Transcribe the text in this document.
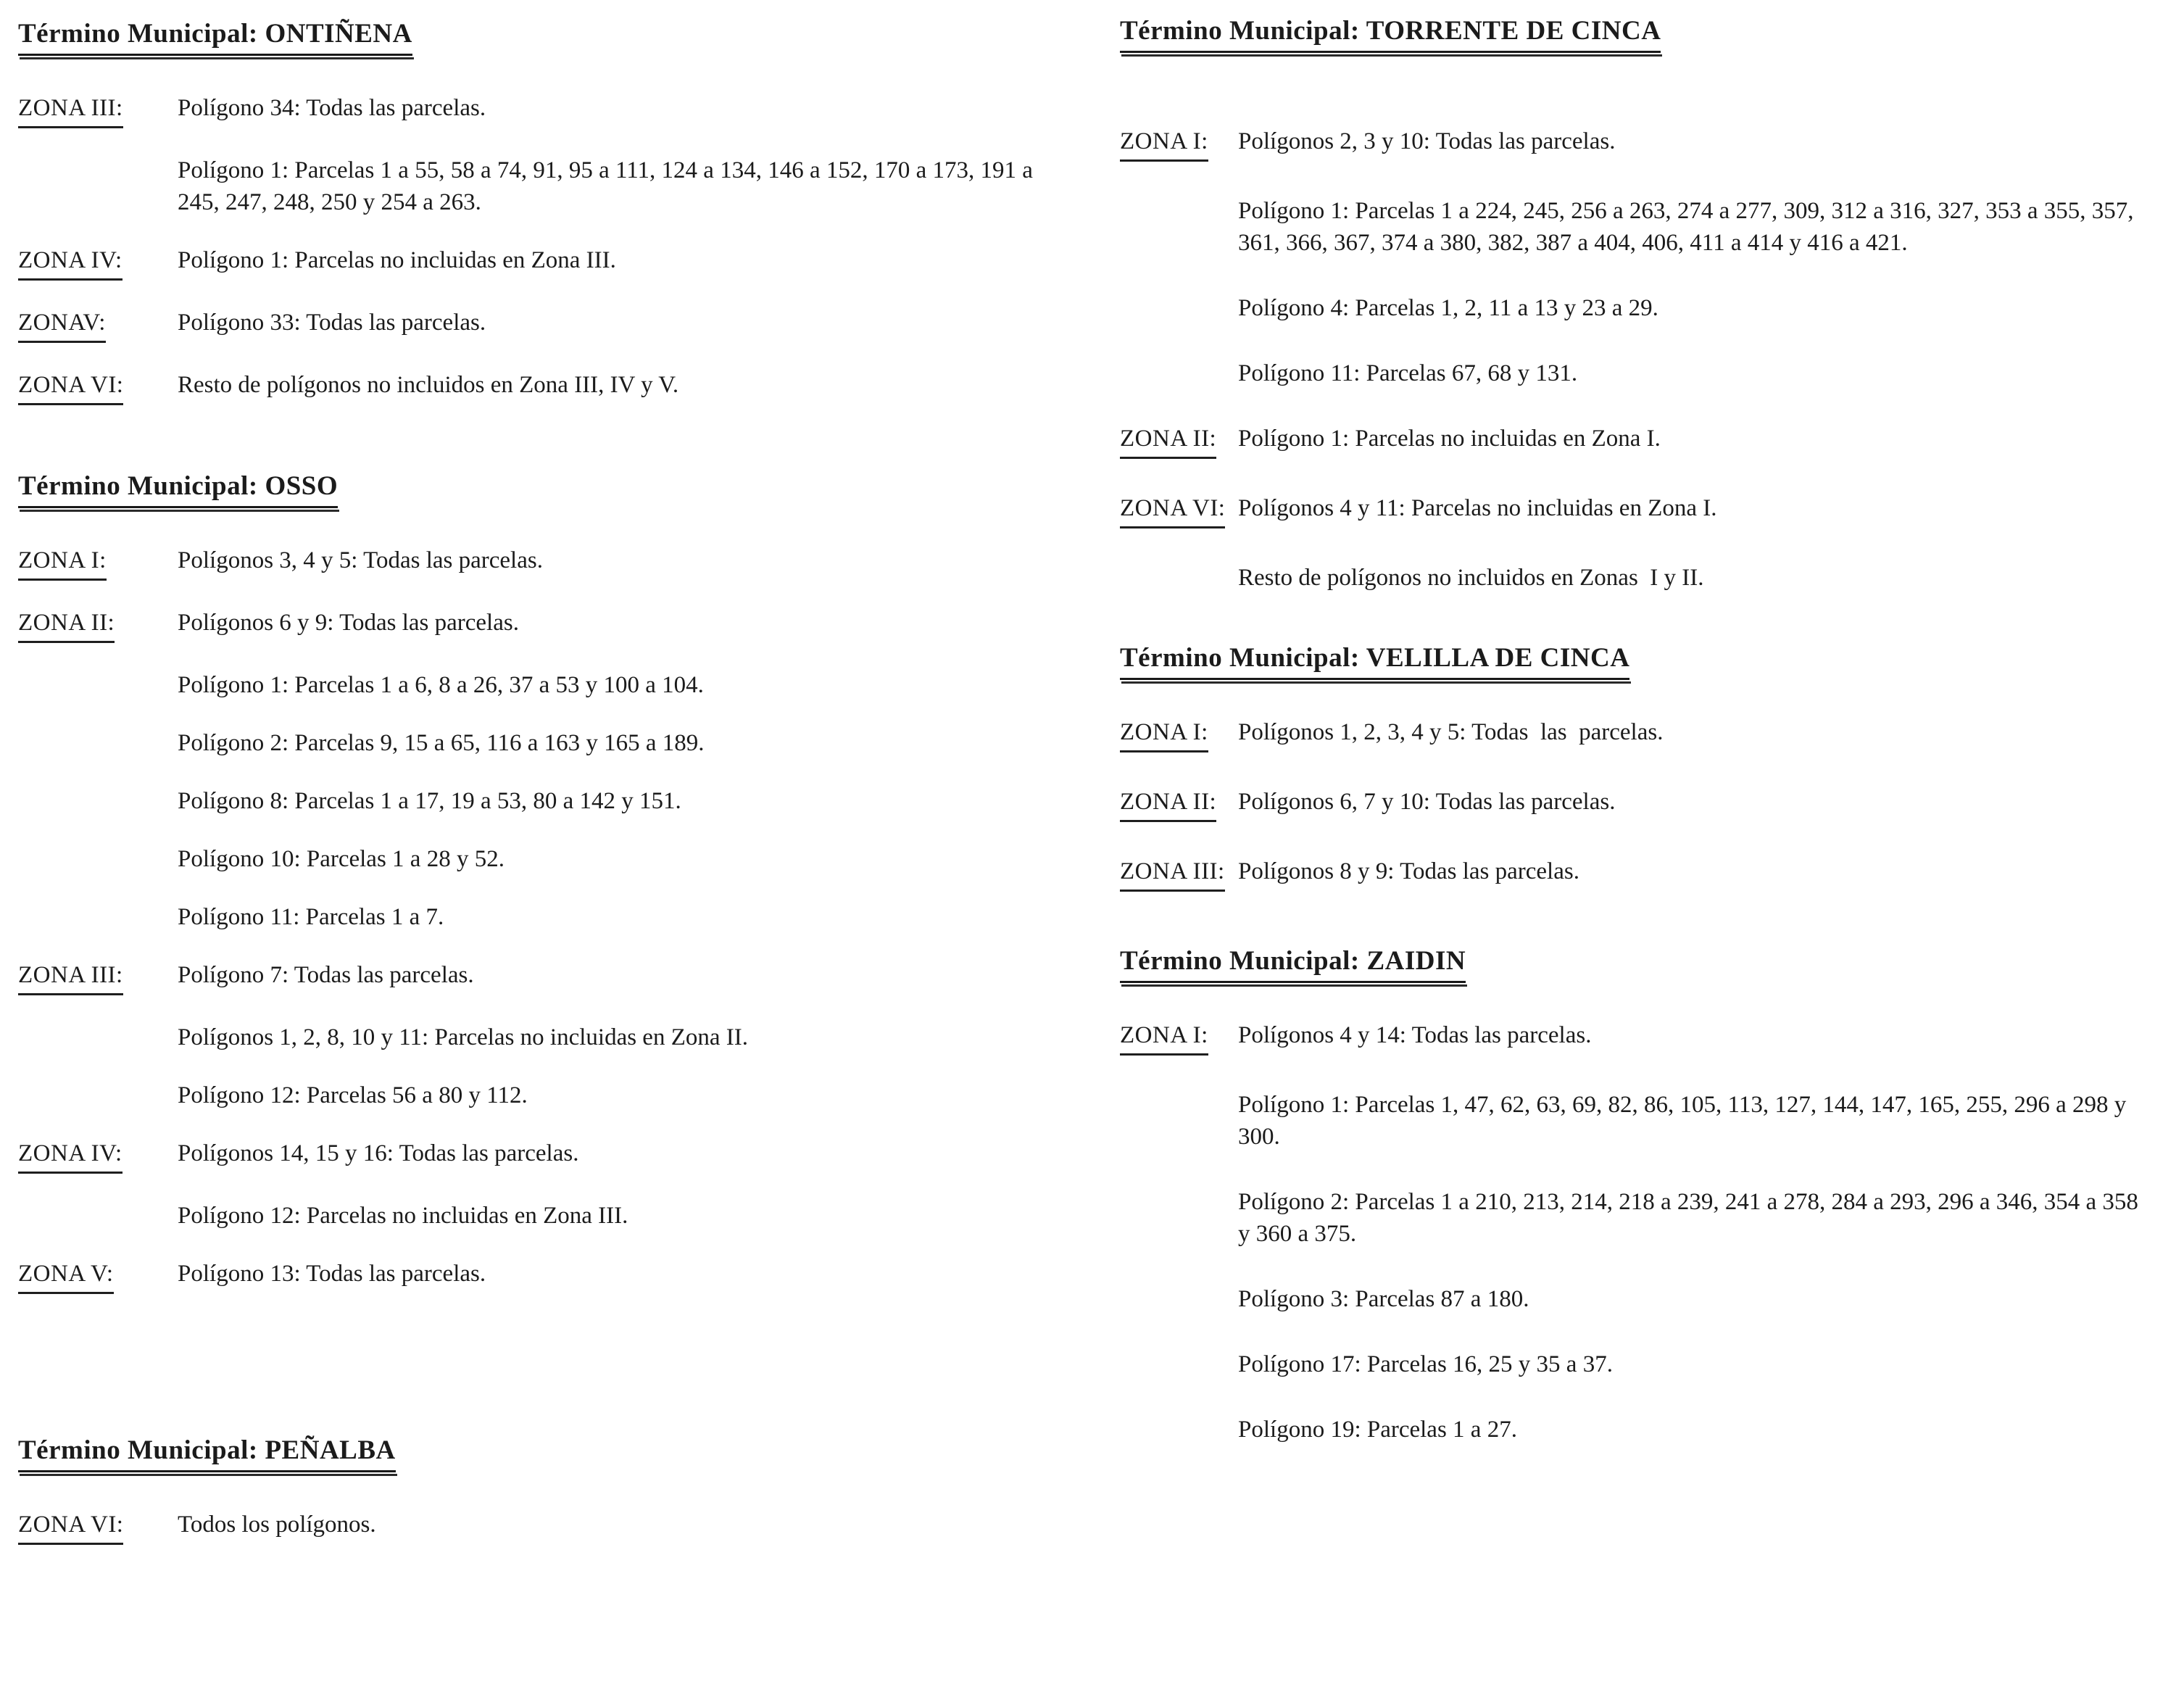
Término Municipal: ONTIÑENA
ZONA III:	Polígono 34: Todas las parcelas.
Polígono 1: Parcelas 1 a 55, 58 a 74, 91, 95 a 111, 124 a 134, 146 a 152, 170 a 173, 191 a 245, 247, 248, 250 y 254 a 263.
ZONA IV:	Polígono 1: Parcelas no incluidas en Zona III.
ZONAV:	Polígono 33: Todas las parcelas.
ZONA VI:	Resto de polígonos no incluidos en Zona III, IV y V.
Término Municipal: OSSO
ZONA I:	Polígonos 3, 4 y 5: Todas las parcelas.
ZONA II:	Polígonos 6 y 9: Todas las parcelas.
Polígono 1: Parcelas 1 a 6, 8 a 26, 37 a 53 y 100 a 104.
Polígono 2: Parcelas 9, 15 a 65, 116 a 163 y 165 a 189.
Polígono 8: Parcelas 1 a 17, 19 a 53, 80 a 142 y 151.
Polígono 10: Parcelas 1 a 28 y 52.
Polígono 11: Parcelas 1 a 7.
ZONA III:	Polígono 7: Todas las parcelas.
Polígonos 1, 2, 8, 10 y 11: Parcelas no incluidas en Zona II.
Polígono 12: Parcelas 56 a 80 y 112.
ZONA IV:	Polígonos 14, 15 y 16: Todas las parcelas.
Polígono 12: Parcelas no incluidas en Zona III.
ZONA V:	Polígono 13: Todas las parcelas.
Término Municipal: PEÑALBA
ZONA VI:	Todos los polígonos.
Término Municipal: TORRENTE DE CINCA
ZONA I:	Polígonos 2, 3 y 10: Todas las parcelas.
Polígono 1: Parcelas 1 a 224, 245, 256 a 263, 274 a 277, 309, 312 a 316, 327, 353 a 355, 357, 361, 366, 367, 374 a 380, 382, 387 a 404, 406, 411 a 414 y 416 a 421.
Polígono 4: Parcelas 1, 2, 11 a 13 y 23 a 29.
Polígono 11: Parcelas 67, 68 y 131.
ZONA II: Polígono 1: Parcelas no incluidas en Zona I.
ZONA VI: Polígonos 4 y 11: Parcelas no incluidas en Zona I.
Resto de polígonos no incluidos en Zonas  I y II.
Término Municipal: VELILLA DE CINCA
ZONA I:	Polígonos 1, 2, 3, 4 y 5: Todas  las  parcelas.
ZONA II: Polígonos 6, 7 y 10: Todas las parcelas.
ZONA III: Polígonos 8 y 9: Todas las parcelas.
Término Municipal: ZAIDIN
ZONA I:	Polígonos 4 y 14: Todas las parcelas.
Polígono 1: Parcelas 1, 47, 62, 63, 69, 82, 86, 105, 113, 127, 144, 147, 165, 255, 296 a 298 y 300.
Polígono 2: Parcelas 1 a 210, 213, 214, 218 a 239, 241 a 278, 284 a 293, 296 a 346, 354 a 358 y 360 a 375.
Polígono 3: Parcelas 87 a 180.
Polígono 17: Parcelas 16, 25 y 35 a 37.
Polígono 19: Parcelas 1 a 27.
